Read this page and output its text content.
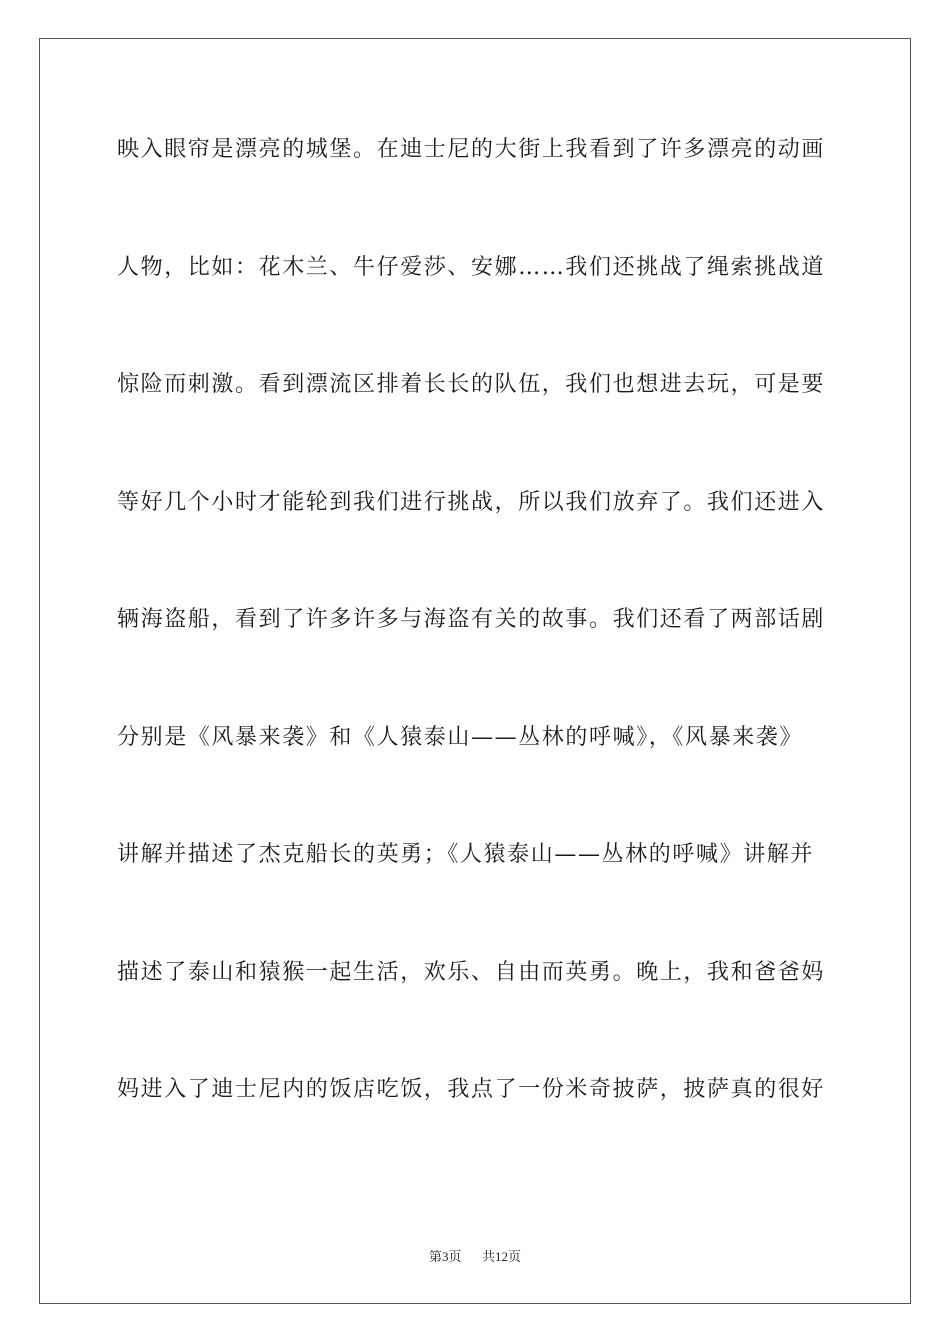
映入眼帘是漂亮的城堡。在迪士尼的大街上我看到了许多漂亮的动画
人物，比如：花木兰、牛仔爱莎、安娜……我们还挑战了绳索挑战道
惊险而刺激。看到漂流区排着长长的队伍，我们也想进去玩，可是要
等好几个小时才能轮到我们进行挑战，所以我们放弃了。我们还进入
辆海盗船，看到了许多许多与海盗有关的故事。我们还看了两部话剧
分别是《风暴来袭》和《人猿泰山——丛林的呼喊》，《风暴来袭》
讲解并描述了杰克船长的英勇；《人猿泰山——丛林的呼喊》讲解并
描述了泰山和猿猴一起生活，欢乐、自由而英勇。晚上，我和爸爸妈
妈进入了迪士尼内的饭店吃饭，我点了一份米奇披萨，披萨真的很好
第3页 共12页
